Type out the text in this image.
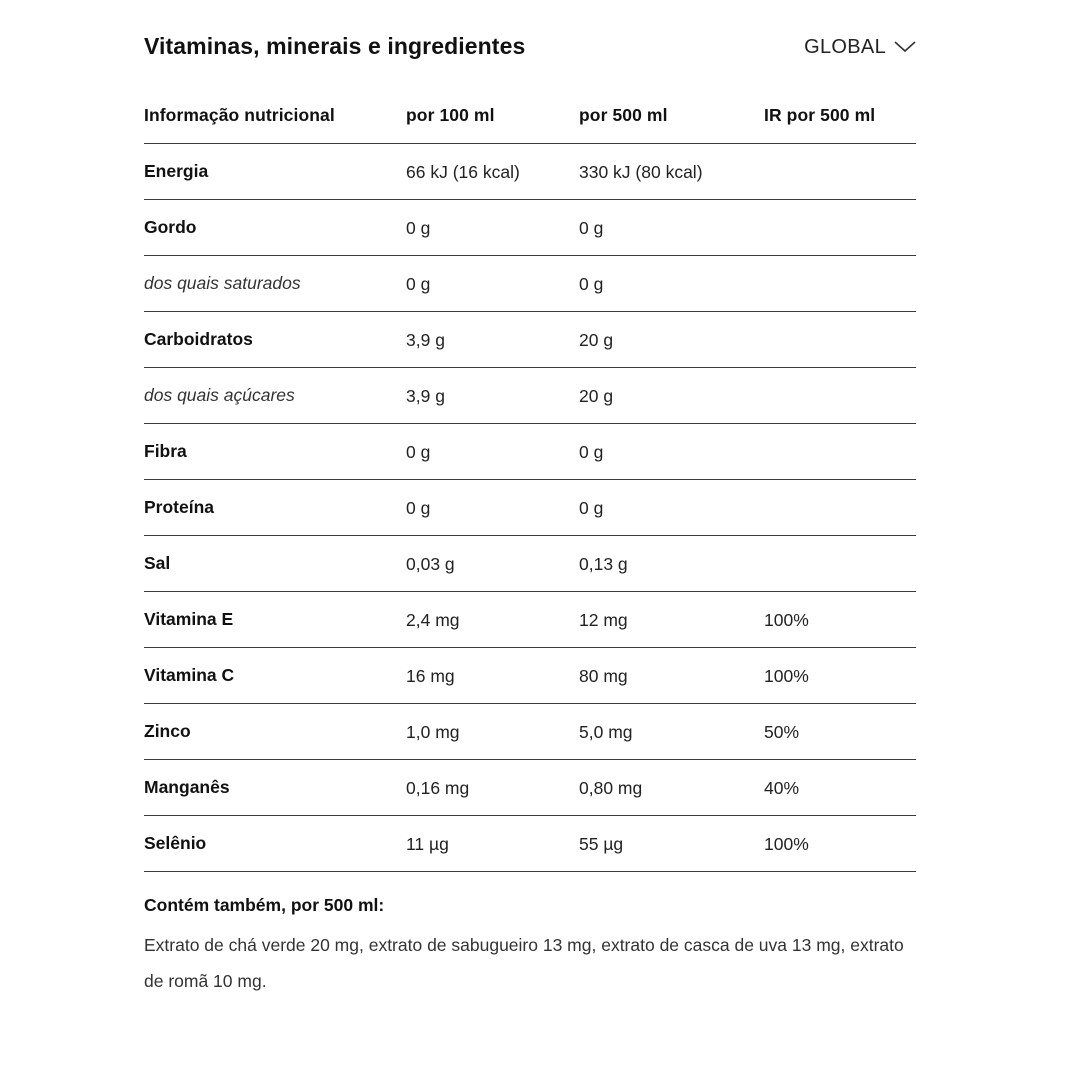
Vitaminas, minerais e ingredientes	GLOBAL
Informação nutricional	por 100 ml	por 500 ml	IR por 500 ml
Energia	66 kJ (16 kcal)	330 kJ (80 kcal)	
Gordo	0 g	0 g	
dos quais saturados	0 g	0 g	
Carboidratos	3,9 g	20 g	
dos quais açúcares	3,9 g	20 g	
Fibra	0 g	0 g	
Proteína	0 g	0 g	
Sal	0,03 g	0,13 g	
Vitamina E	2,4 mg	12 mg	100%
Vitamina C	16 mg	80 mg	100%
Zinco	1,0 mg	5,0 mg	50%
Manganês	0,16 mg	0,80 mg	40%
Selênio	11 µg	55 µg	100%
Contém também, por 500 ml:
Extrato de chá verde 20 mg, extrato de sabugueiro 13 mg, extrato de casca de uva 13 mg, extrato de romã 10 mg.
